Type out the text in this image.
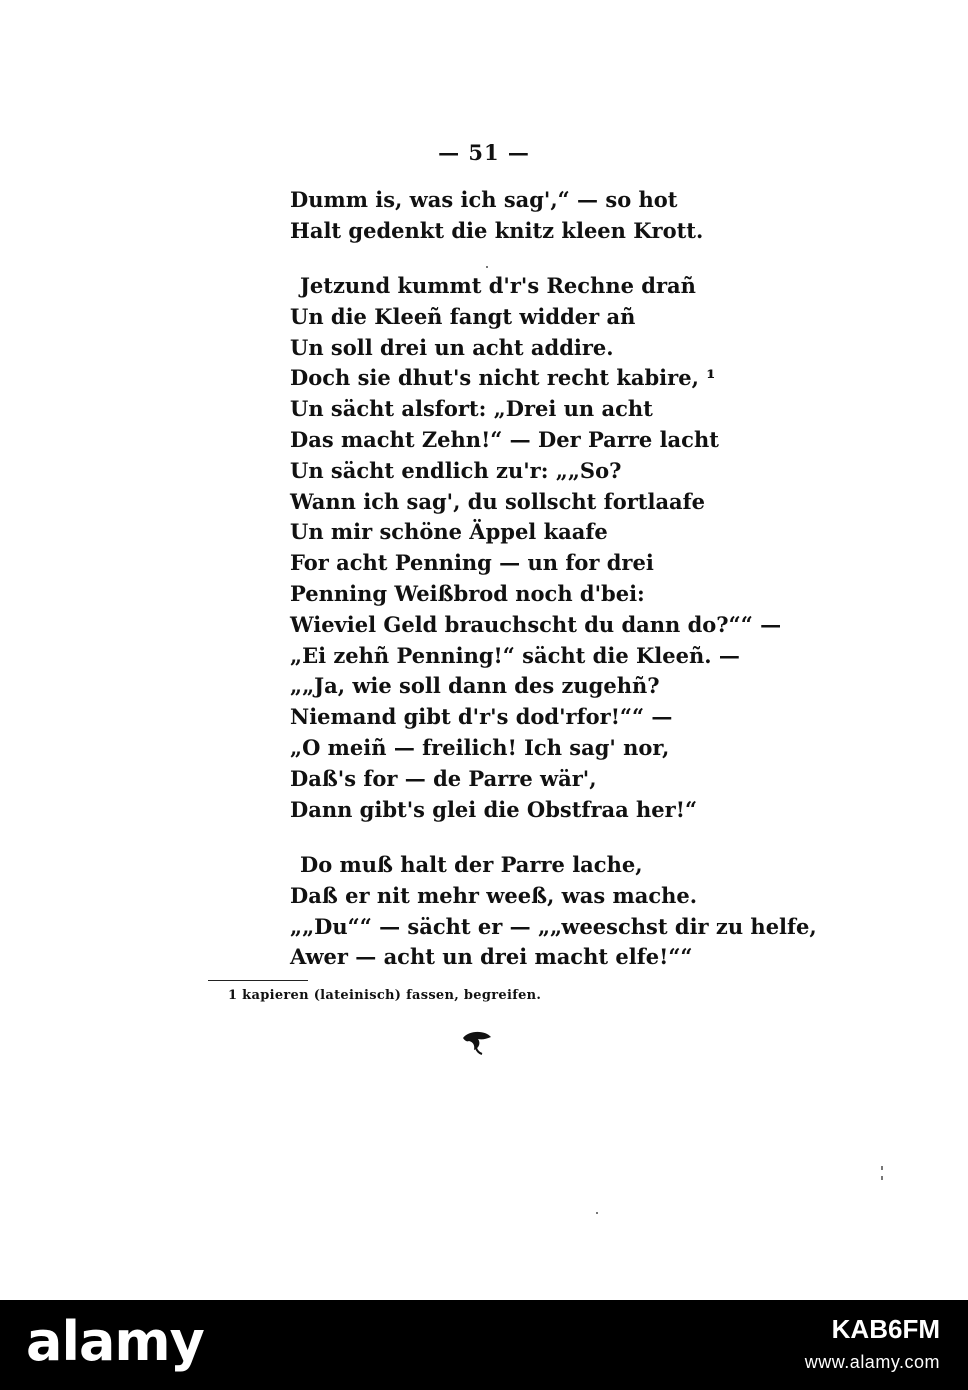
— 51 —
Dumm is, was ich sag',“ — so hot
Halt gedenkt die knitz kleen Krott.
Jetzund kummt d'r's Rechne drañ
Un die Kleeñ fangt widder añ
Un soll drei un acht addire.
Doch sie dhut's nicht recht kabire, ¹
Un sächt alsfort: „Drei un acht
Das macht Zehn!“ — Der Parre lacht
Un sächt endlich zu'r: „„So?
Wann ich sag', du sollscht fortlaafe
Un mir schöne Äppel kaafe
For acht Penning — un for drei
Penning Weißbrod noch d'bei:
Wieviel Geld brauchscht du dann do?““ —
„Ei zehñ Penning!“ sächt die Kleeñ. —
„„Ja, wie soll dann des zugehñ?
Niemand gibt d'r's dod'rfor!““ —
„O meiñ — freilich! Ich sag' nor,
Daß's for — de Parre wär',
Dann gibt's glei die Obstfraa her!“
Do muß halt der Parre lache,
Daß er nit mehr weeß, was mache.
„„Du““ — sächt er — „„weeschst dir zu helfe,
Awer — acht un drei macht elfe!““
1 kapieren (lateinisch) fassen, begreifen.
alamy	KAB6FM
www.alamy.com
